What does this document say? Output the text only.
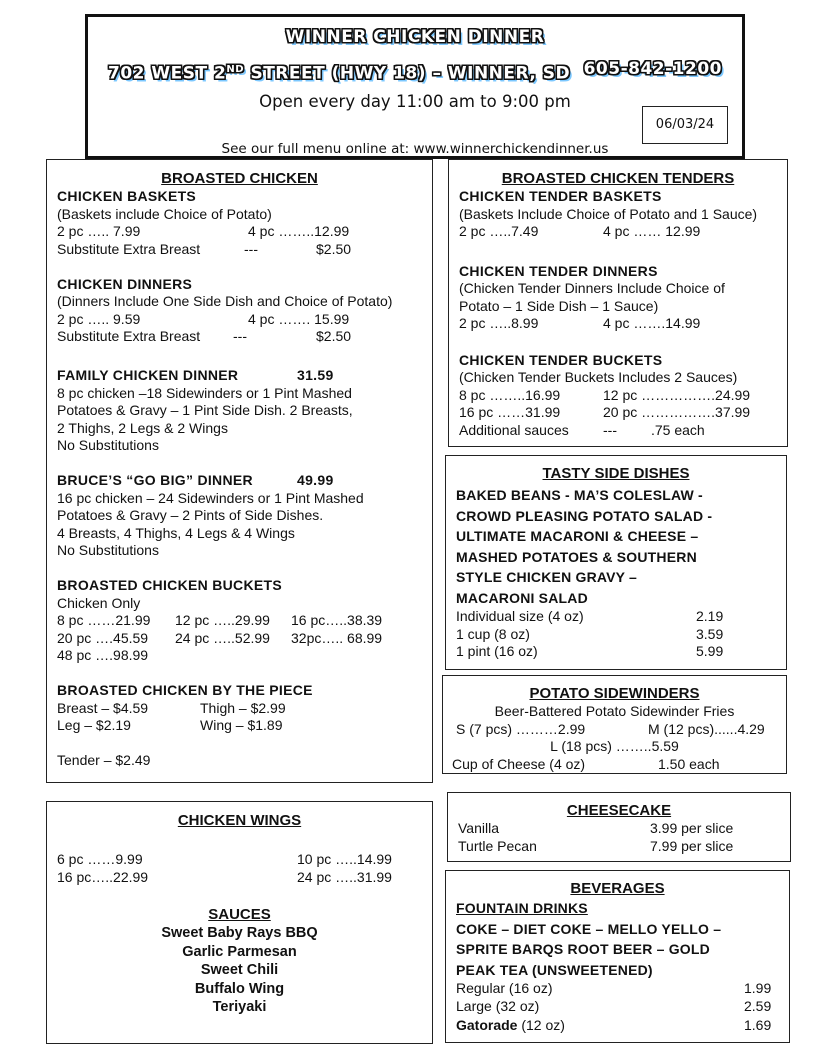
WINNER CHICKEN DINNER
702 WEST 2ND STREET (HWY 18) – WINNER, SD 605-842-1200
Open every day 11:00 am to 9:00 pm
06/03/24
See our full menu online at: www.winnerchickendinner.us
BROASTED CHICKEN
CHICKEN BASKETS
(Baskets include Choice of Potato)
2 pc ….. 7.99	4 pc ……..12.99
Substitute Extra Breast	---	$2.50
CHICKEN DINNERS
(Dinners Include One Side Dish and Choice of Potato)
2 pc ….. 9.59	4 pc ……. 15.99
Substitute Extra Breast ---	$2.50
FAMILY CHICKEN DINNER	31.59
8 pc chicken –18 Sidewinders or 1 Pint Mashed
Potatoes & Gravy – 1 Pint Side Dish. 2 Breasts,
2 Thighs, 2 Legs & 2 Wings
No Substitutions
BRUCE’S “GO BIG” DINNER	49.99
16 pc chicken – 24 Sidewinders or 1 Pint Mashed
Potatoes & Gravy – 2 Pints of Side Dishes.
4 Breasts, 4 Thighs, 4 Legs & 4 Wings
No Substitutions
BROASTED CHICKEN BUCKETS
Chicken Only
8 pc ……21.99 12 pc …..29.99 16 pc…..38.39
20 pc ….45.59 24 pc …..52.99 32pc….. 68.99
48 pc ….98.99
BROASTED CHICKEN BY THE PIECE
Breast – $4.59	Thigh – $2.99
Leg – $2.19	Wing – $1.89
Tender – $2.49
BROASTED CHICKEN TENDERS
CHICKEN TENDER BASKETS
(Baskets Include Choice of Potato and 1 Sauce)
2 pc …..7.49	4 pc …… 12.99
CHICKEN TENDER DINNERS
(Chicken Tender Dinners Include Choice of
Potato – 1 Side Dish – 1 Sauce)
2 pc …..8.99	4 pc …….14.99
CHICKEN TENDER BUCKETS
(Chicken Tender Buckets Includes 2 Sauces)
8 pc ……..16.99	12 pc …………….24.99
16 pc ……31.99	20 pc …………….37.99
Additional sauces --- .75 each
TASTY SIDE DISHES
BAKED BEANS - MA’S COLESLAW -
CROWD PLEASING POTATO SALAD -
ULTIMATE MACARONI & CHEESE –
MASHED POTATOES & SOUTHERN
STYLE CHICKEN GRAVY –
MACARONI SALAD
Individual size (4 oz)	2.19
1 cup (8 oz)	3.59
1 pint (16 oz)	5.99
POTATO SIDEWINDERS
Beer-Battered Potato Sidewinder Fries
S (7 pcs) ………2.99	M (12 pcs)......4.29
L (18 pcs) ……..5.59
Cup of Cheese (4 oz)	1.50 each
CHICKEN WINGS
6 pc ……9.99	10 pc …..14.99
16 pc…..22.99	24 pc …..31.99
SAUCES
Sweet Baby Rays BBQ
Garlic Parmesan
Sweet Chili
Buffalo Wing
Teriyaki
CHEESECAKE
Vanilla	3.99 per slice
Turtle Pecan	7.99 per slice
BEVERAGES
FOUNTAIN DRINKS
COKE – DIET COKE – MELLO YELLO –
SPRITE BARQS ROOT BEER – GOLD
PEAK TEA (UNSWEETENED)
Regular (16 oz)	1.99
Large (32 oz)	2.59
Gatorade (12 oz)	1.69
